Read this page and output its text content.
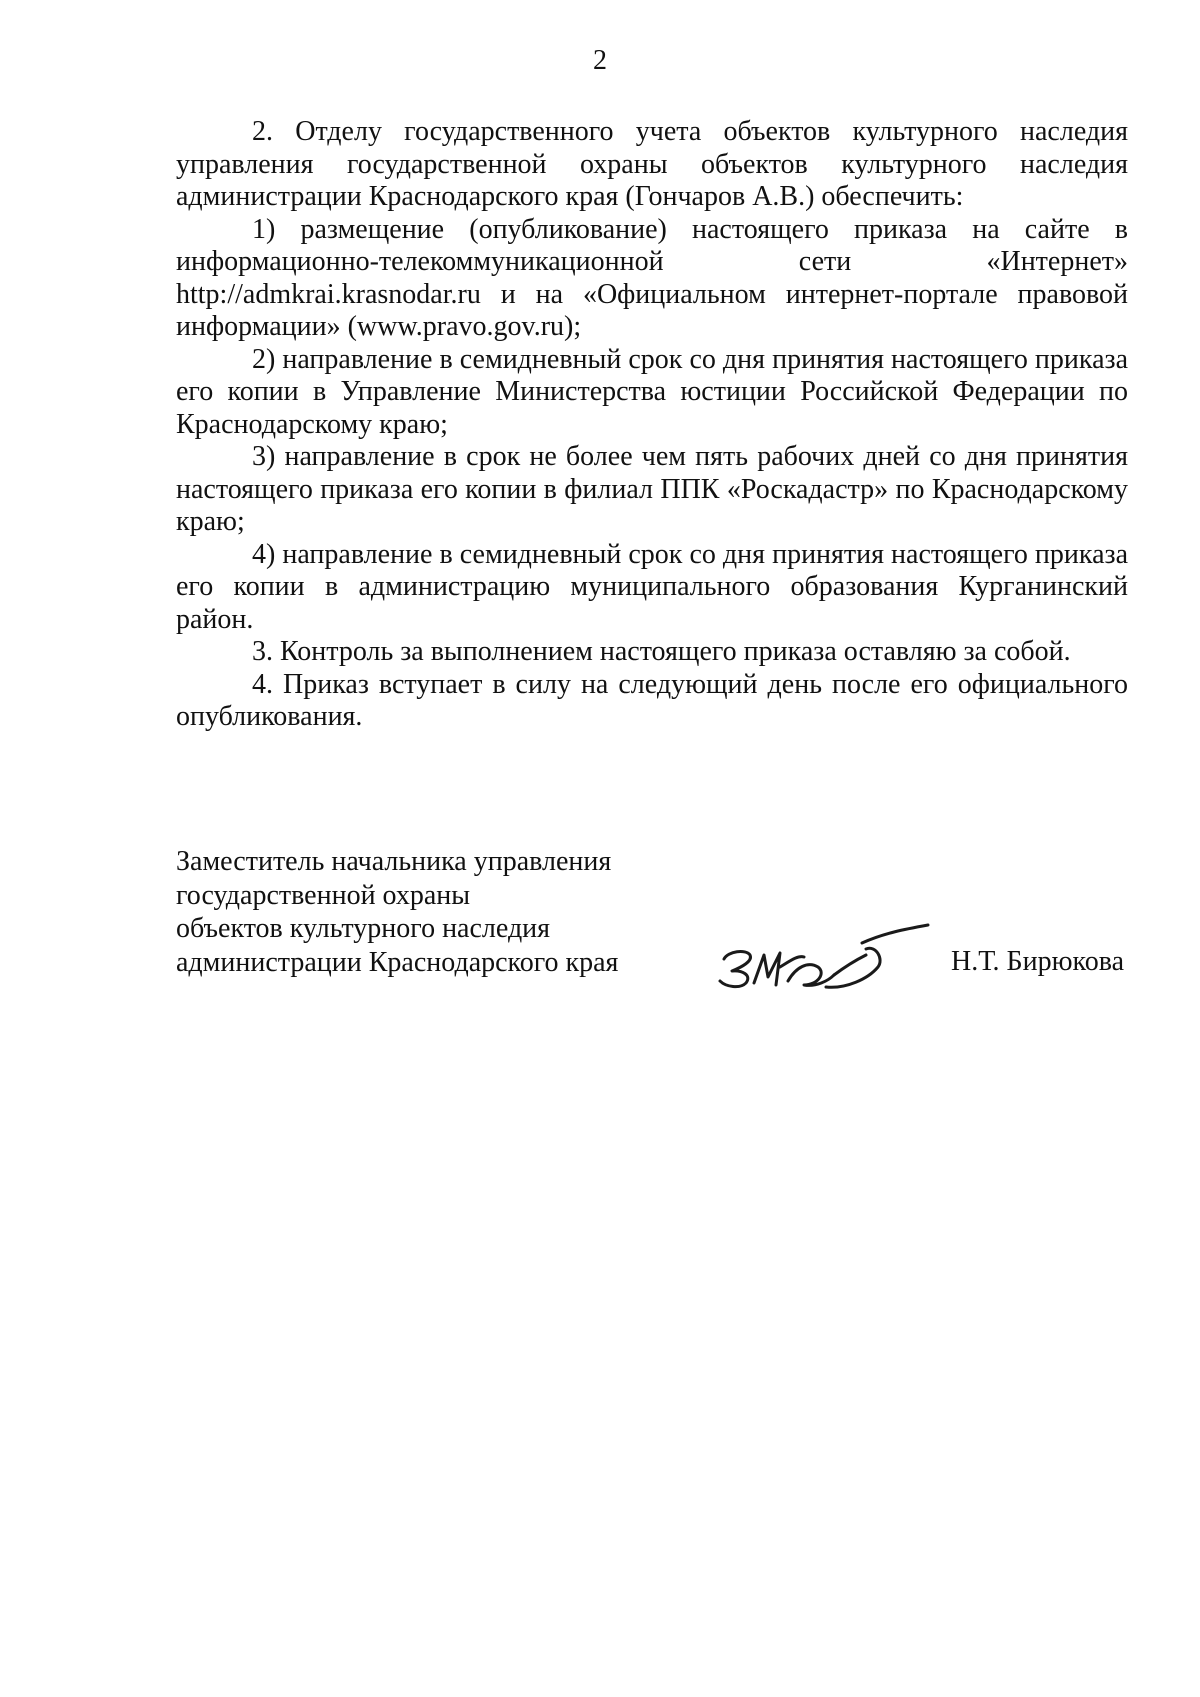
2

2. Отделу государственного учета объектов культурного наследия управления государственной охраны объектов культурного наследия администрации Краснодарского края (Гончаров А.В.) обеспечить:

1) размещение (опубликование) настоящего приказа на сайте в информационно-телекоммуникационной сети «Интернет» http://admkrai.krasnodar.ru и на «Официальном интернет-портале правовой информации» (www.pravo.gov.ru);

2) направление в семидневный срок со дня принятия настоящего приказа его копии в Управление Министерства юстиции Российской Федерации по Краснодарскому краю;

3) направление в срок не более чем пять рабочих дней со дня принятия настоящего приказа его копии в филиал ППК «Роскадастр» по Краснодарскому краю;

4) направление в семидневный срок со дня принятия настоящего приказа его копии в администрацию муниципального образования Курганинский район.

3. Контроль за выполнением настоящего приказа оставляю за собой.

4. Приказ вступает в силу на следующий день после его официального опубликования.

Заместитель начальника управления
государственной охраны
объектов культурного наследия
администрации Краснодарского края	Н.Т. Бирюкова
